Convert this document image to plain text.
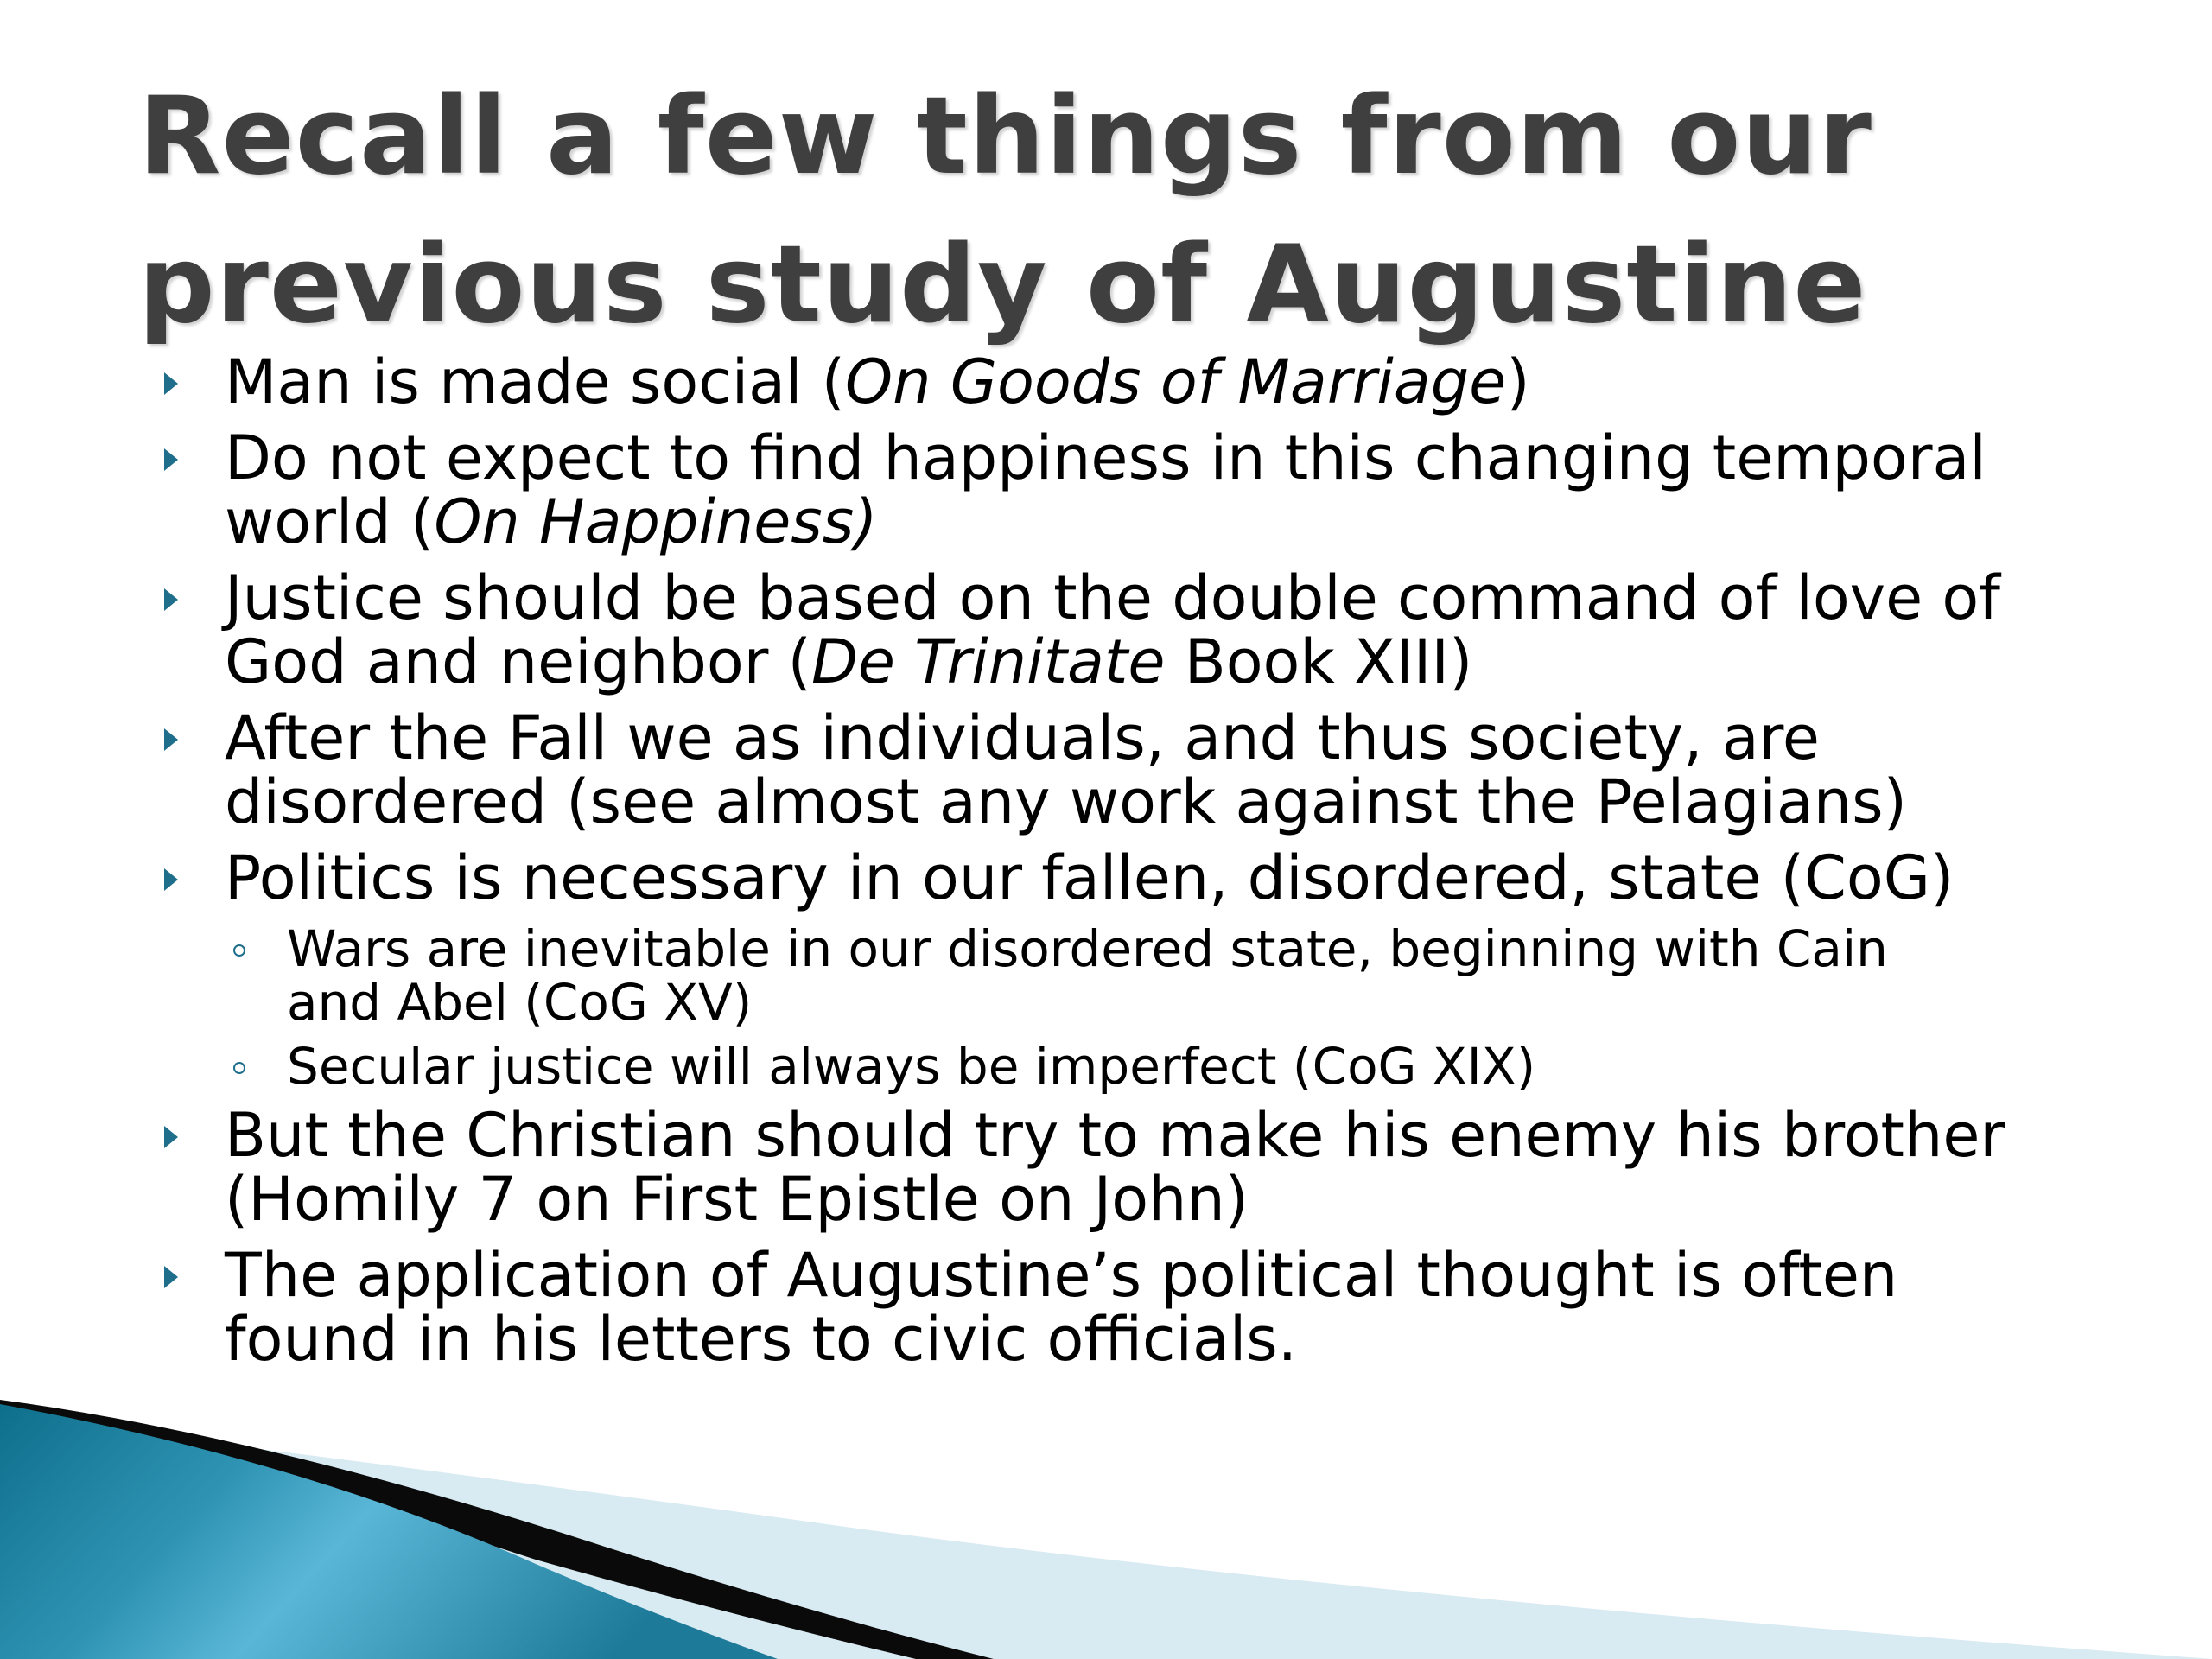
Recall a few things from our
previous study of Augustine
Man is made social (On Goods of Marriage)
Do not expect to find happiness in this changing temporal
world (On Happiness)
Justice should be based on the double command of love of
God and neighbor (De Trinitate Book XIII)
After the Fall we as individuals, and thus society, are
disordered (see almost any work against the Pelagians)
Politics is necessary in our fallen, disordered, state (CoG)
Wars are inevitable in our disordered state, beginning with Cain
and Abel (CoG XV)
Secular justice will always be imperfect (CoG XIX)
But the Christian should try to make his enemy his brother
(Homily 7 on First Epistle on John)
The application of Augustine’s political thought is often
found in his letters to civic officials.
